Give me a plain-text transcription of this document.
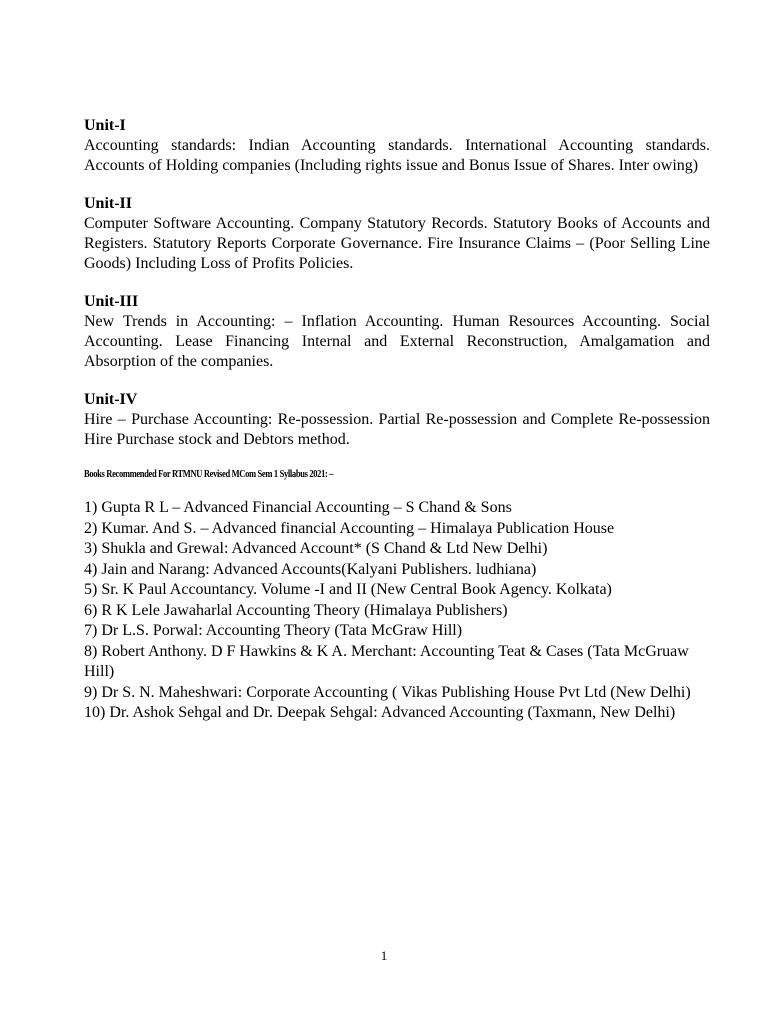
Unit-I

Accounting standards: Indian Accounting standards. International Accounting standards. Accounts of Holding companies (Including rights issue and Bonus Issue of Shares. Inter owing)

Unit-II

Computer Software Accounting. Company Statutory Records. Statutory Books of Accounts and Registers. Statutory Reports Corporate Governance. Fire Insurance Claims – (Poor Selling Line Goods) Including Loss of Profits Policies.

Unit-III

New Trends in Accounting: – Inflation Accounting. Human Resources Accounting. Social Accounting. Lease Financing Internal and External Reconstruction, Amalgamation and Absorption of the companies.

Unit-IV

Hire – Purchase Accounting: Re-possession. Partial Re-possession and Complete Re-possession Hire Purchase stock and Debtors method.

Books Recommended For RTMNU Revised MCom Sem 1 Syllabus 2021: –

1) Gupta R L – Advanced Financial Accounting – S Chand & Sons
2) Kumar. And S. – Advanced financial Accounting – Himalaya Publication House
3) Shukla and Grewal: Advanced Account* (S Chand & Ltd New Delhi)
4) Jain and Narang: Advanced Accounts(Kalyani Publishers. ludhiana)
5) Sr. K Paul Accountancy. Volume -I and II (New Central Book Agency. Kolkata)
6) R K Lele Jawaharlal Accounting Theory (Himalaya Publishers)
7) Dr L.S. Porwal: Accounting Theory (Tata McGraw Hill)
8) Robert Anthony. D F Hawkins & K A. Merchant: Accounting Teat & Cases (Tata McGruaw Hill)
9) Dr S. N. Maheshwari: Corporate Accounting ( Vikas Publishing House Pvt Ltd (New Delhi)
10) Dr. Ashok Sehgal and Dr. Deepak Sehgal: Advanced Accounting (Taxmann, New Delhi)
1
